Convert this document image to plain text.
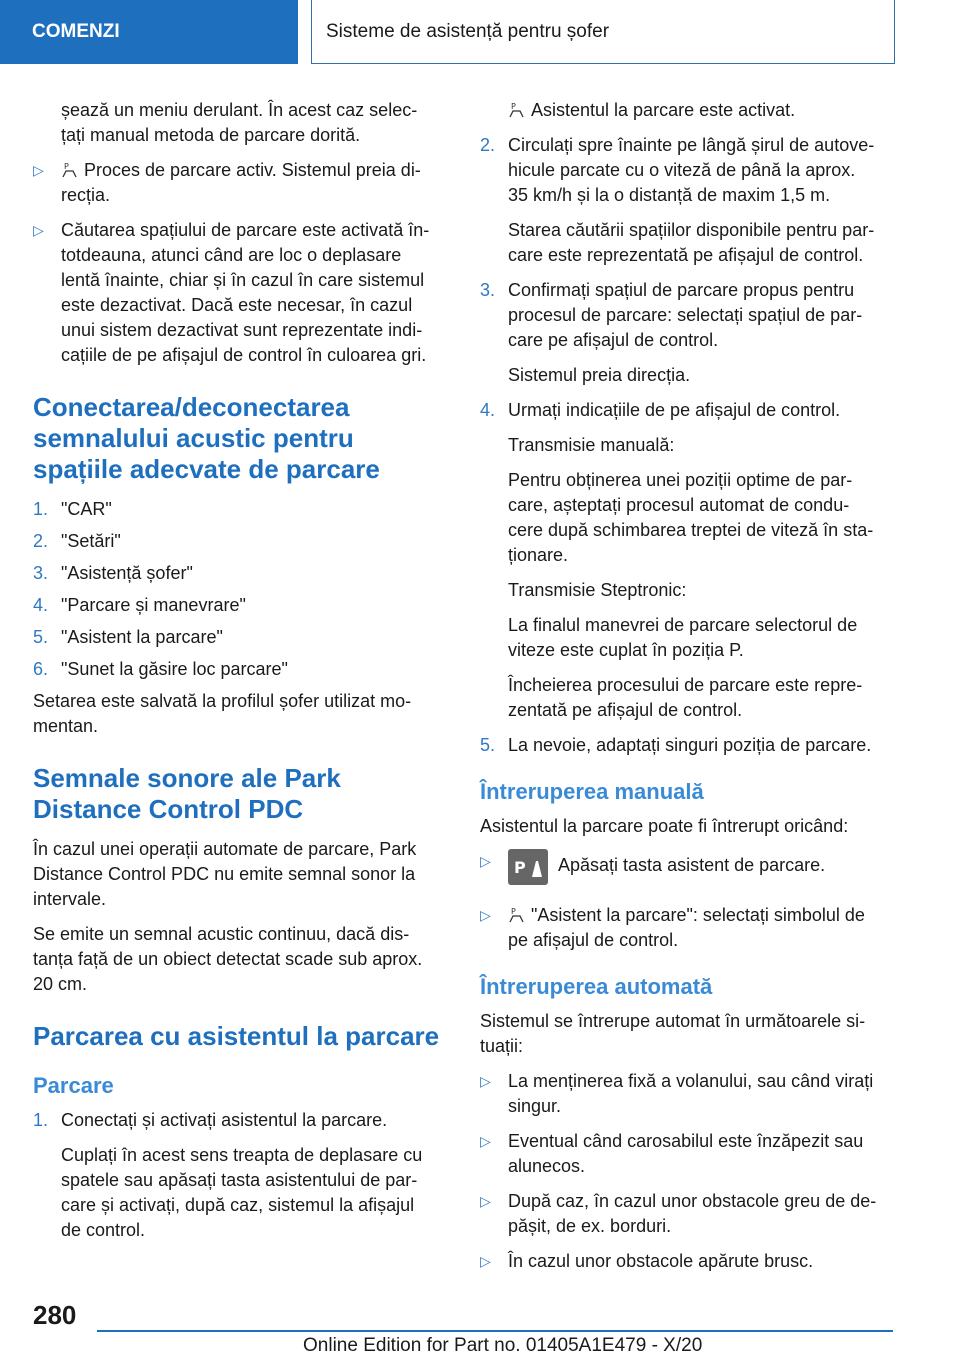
COMENZI	Sisteme de asistență pentru șofer

șează un meniu derulant. În acest caz selec-
țați manual metoda de parcare dorită.

▷	P Proces de parcare activ. Sistemul preia di-
recția.
▷ Căutarea spațiului de parcare este activată în-
totdeauna, atunci când are loc o deplasare
lentă înainte, chiar și în cazul în care sistemul
este dezactivat. Dacă este necesar, în cazul
unui sistem dezactivat sunt reprezentate indi-
cațiile de pe afișajul de control în culoarea gri.
Conectarea/deconectarea
semnalului acustic pentru
spațiile adecvate de parcare
1. "CAR"
2. "Setări"
3. "Asistență șofer"
4. "Parcare și manevrare"
5. "Asistent la parcare"
6. "Sunet la găsire loc parcare"

Setarea este salvată la profilul șofer utilizat mo-
mentan.

Semnale sonore ale Park
Distance Control PDC

În cazul unei operații automate de parcare, Park
Distance Control PDC nu emite semnal sonor la
intervale.

Se emite un semnal acustic continuu, dacă dis-
tanța față de un obiect detectat scade sub aprox.
20 cm.

Parcarea cu asistentul la parcare
Parcare
1. Conectați și activați asistentul la parcare.

Cuplați în acest sens treapta de deplasare cu
spatele sau apăsați tasta asistentului de par-
care și activați, după caz, sistemul la afișajul
de control.

P Asistentul la parcare este activat.

2. Circulați spre înainte pe lângă șirul de autove-
hicule parcate cu o viteză de până la aprox.
35 km/h și la o distanță de maxim 1,5 m.

Starea căutării spațiilor disponibile pentru par-
care este reprezentată pe afișajul de control.

3. Confirmați spațiul de parcare propus pentru
procesul de parcare: selectați spațiul de par-
care pe afișajul de control.

Sistemul preia direcția.

4. Urmați indicațiile de pe afișajul de control.

Transmisie manuală:

Pentru obținerea unei poziții optime de par-
care, așteptați procesul automat de condu-
cere după schimbarea treptei de viteză în sta-
ționare.

Transmisie Steptronic:

La finalul manevrei de parcare selectorul de
viteze este cuplat în poziția P.

Încheierea procesului de parcare este repre-
zentată pe afișajul de control.

5. La nevoie, adaptați singuri poziția de parcare.
Întreruperea manuală

Asistentul la parcare poate fi întrerupt oricând:

▷ P Apăsați tasta asistent de parcare.
▷	P "Asistent la parcare": selectați simbolul de
pe afișajul de control.
Întreruperea automată

Sistemul se întrerupe automat în următoarele si-
tuații:

▷ La menținerea fixă a volanului, sau când virați
singur.
▷ Eventual când carosabilul este înzăpezit sau
alunecos.
▷ După caz, în cazul unor obstacole greu de de-
pășit, de ex. borduri.
▷ În cazul unor obstacole apărute brusc.
280
Online Edition for Part no. 01405A1E479 - X/20
